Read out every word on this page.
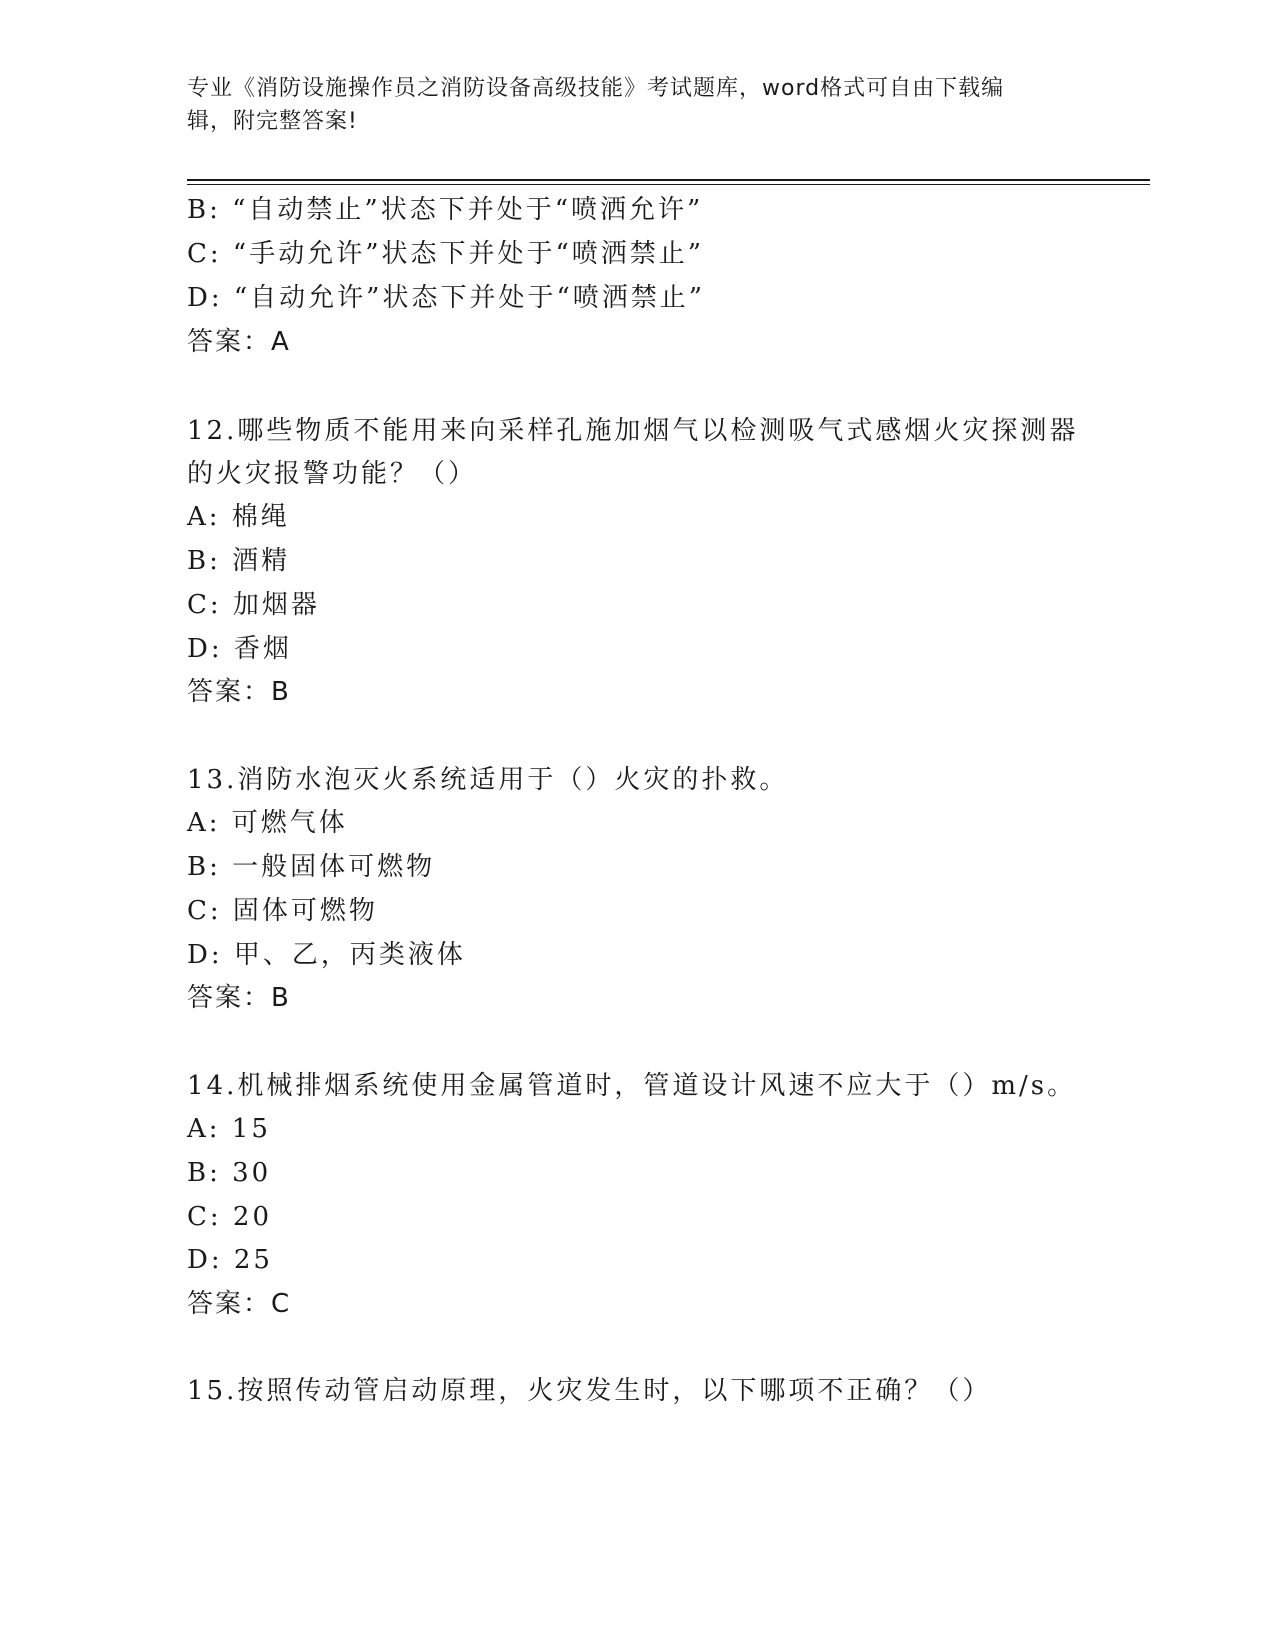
专业《消防设施操作员之消防设备高级技能》考试题库，word格式可自由下载编
辑，附完整答案!
B: “自动禁止”状态下并处于“喷洒允许”
C: “手动允许”状态下并处于“喷洒禁止”
D: “自动允许”状态下并处于“喷洒禁止”
答案：A
12.哪些物质不能用来向采样孔施加烟气以检测吸气式感烟火灾探测器
的火灾报警功能？（）
A: 棉绳
B: 酒精
C: 加烟器
D: 香烟
答案：B
13.消防水泡灭火系统适用于（）火灾的扑救。
A: 可燃气体
B: 一般固体可燃物
C: 固体可燃物
D: 甲、乙，丙类液体
答案：B
14.机械排烟系统使用金属管道时，管道设计风速不应大于（）m/s。
A: 15
B: 30
C: 20
D: 25
答案：C
15.按照传动管启动原理，火灾发生时，以下哪项不正确？（）
